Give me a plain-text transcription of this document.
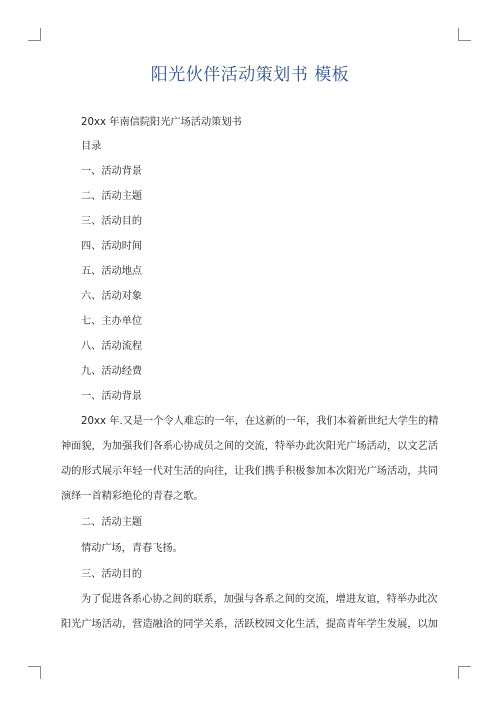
阳光伙伴活动策划书 模板
20xx 年南信院阳光广场活动策划书
目录
一、活动背景
二、活动主题
三、活动目的
四、活动时间
五、活动地点
六、活动对象
七、主办单位
八、活动流程
九、活动经费
一、活动背景
20xx 年.又是一个令人难忘的一年，在这新的一年，我们本着新世纪大学生的精
神面貌，为加强我们各系心协成员之间的交流，特举办此次阳光广场活动，以文艺活
动的形式展示年轻一代对生活的向往，让我们携手积极参加本次阳光广场活动，共同
演绎一首精彩绝伦的青春之歌。
二、活动主题
情动广场，青春飞扬。
三、活动目的
为了促进各系心协之间的联系，加强与各系之间的交流，增进友谊，特举办此次
阳光广场活动，营造融洽的同学关系，活跃校园文化生活，提高青年学生发展，以加
